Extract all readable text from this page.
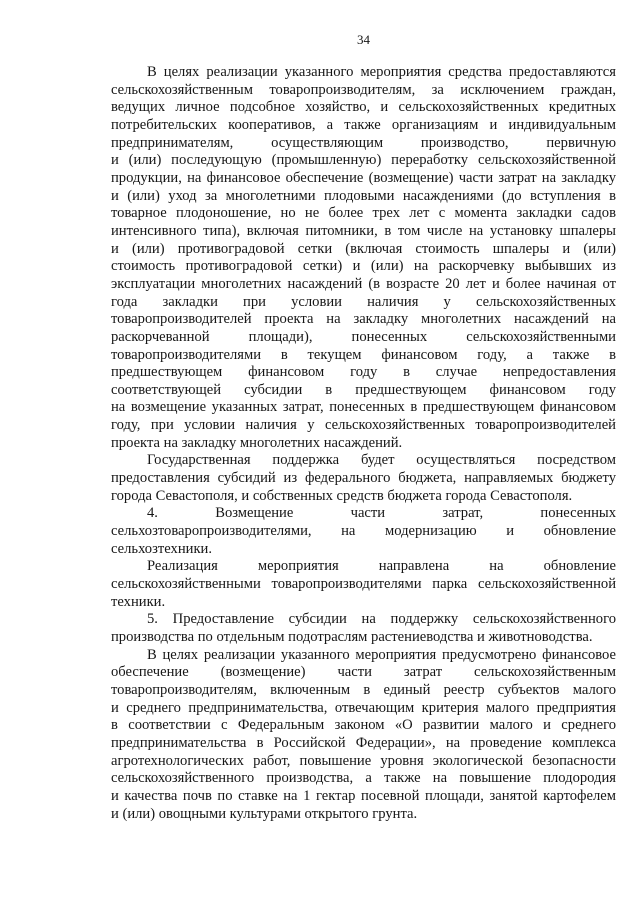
34
В целях реализации указанного мероприятия средства предоставляются
сельскохозяйственным товаропроизводителям, за исключением граждан,
ведущих личное подсобное хозяйство, и сельскохозяйственных кредитных
потребительских кооперативов, а также организациям и индивидуальным
предпринимателям, осуществляющим производство, первичную
и (или) последующую (промышленную) переработку сельскохозяйственной
продукции, на финансовое обеспечение (возмещение) части затрат на закладку
и (или) уход за многолетними плодовыми насаждениями (до вступления в
товарное плодоношение, но не более трех лет с момента закладки садов
интенсивного типа), включая питомники, в том числе на установку шпалеры
и (или) противоградовой сетки (включая стоимость шпалеры и (или)
стоимость противоградовой сетки) и (или) на раскорчевку выбывших из
эксплуатации многолетних насаждений (в возрасте 20 лет и более начиная от
года закладки при условии наличия у сельскохозяйственных
товаропроизводителей проекта на закладку многолетних насаждений на
раскорчеванной площади), понесенных сельскохозяйственными
товаропроизводителями в текущем финансовом году, а также в
предшествующем финансовом году в случае непредоставления
соответствующей субсидии в предшествующем финансовом году
на возмещение указанных затрат, понесенных в предшествующем финансовом
году, при условии наличия у сельскохозяйственных товаропроизводителей
проекта на закладку многолетних насаждений.
Государственная поддержка будет осуществляться посредством
предоставления субсидий из федерального бюджета, направляемых бюджету
города Севастополя, и собственных средств бюджета города Севастополя.
4. Возмещение части затрат, понесенных
сельхозтоваропроизводителями, на модернизацию и обновление
сельхозтехники.
Реализация мероприятия направлена на обновление
сельскохозяйственными товаропроизводителями парка сельскохозяйственной
техники.
5. Предоставление субсидии на поддержку сельскохозяйственного
производства по отдельным подотраслям растениеводства и животноводства.
В целях реализации указанного мероприятия предусмотрено финансовое
обеспечение (возмещение) части затрат сельскохозяйственным
товаропроизводителям, включенным в единый реестр субъектов малого
и среднего предпринимательства, отвечающим критерия малого предприятия
в соответствии с Федеральным законом «О развитии малого и среднего
предпринимательства в Российской Федерации», на проведение комплекса
агротехнологических работ, повышение уровня экологической безопасности
сельскохозяйственного производства, а также на повышение плодородия
и качества почв по ставке на 1 гектар посевной площади, занятой картофелем
и (или) овощными культурами открытого грунта.
